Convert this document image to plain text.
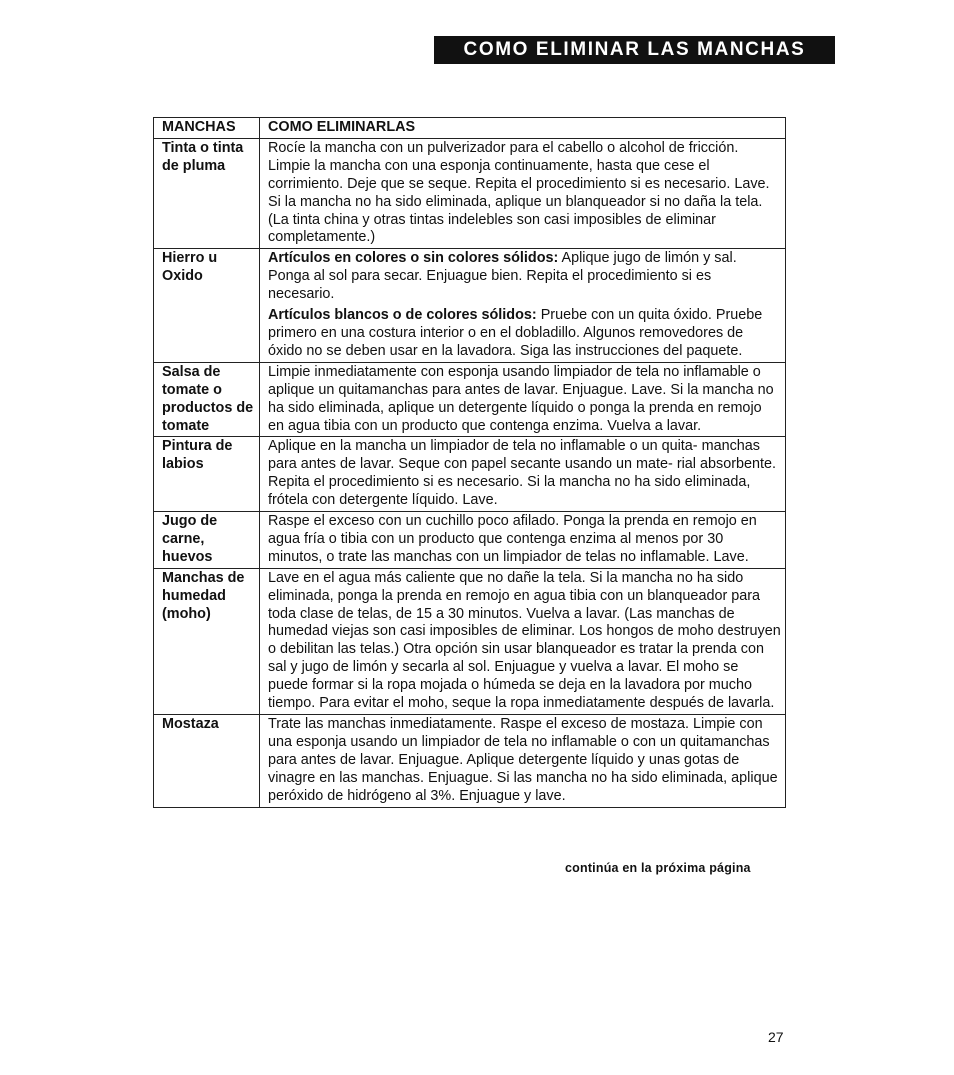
COMO ELIMINAR LAS MANCHAS
MANCHAS	COMO ELIMINARLAS
Tinta o tinta de pluma	Rocíe la mancha con un pulverizador para el cabello o alcohol de fricción. Limpie la mancha con una esponja continuamente, hasta que cese el corrimiento. Deje que se seque. Repita el procedimiento si es necesario. Lave. Si la mancha no ha sido eliminada, aplique un blanqueador si no daña la tela. (La tinta china y otras tintas indelebles son casi imposibles de eliminar completamente.)

Hierro u Oxido	Artículos en colores o sin colores sólidos: Aplique jugo de limón y sal. Ponga al sol para secar. Enjuague bien. Repita el procedimiento si es necesario.

Artículos blancos o de colores sólidos: Pruebe con un quita óxido. Pruebe primero en una costura interior o en el dobladillo. Algunos removedores de óxido no se deben usar en la lavadora. Siga las instrucciones del paquete.

Salsa de tomate o productos de tomate	Limpie inmediatamente con esponja usando limpiador de tela no inflamable o aplique un quitamanchas para antes de lavar. Enjuague. Lave. Si la mancha no ha sido eliminada, aplique un detergente líquido o ponga la prenda en remojo en agua tibia con un producto que contenga enzima. Vuelva a lavar.

Pintura de labios	Aplique en la mancha un limpiador de tela no inflamable o un quita- manchas para antes de lavar. Seque con papel secante usando un mate- rial absorbente. Repita el procedimiento si es necesario. Si la mancha no ha sido eliminada, frótela con detergente líquido. Lave.

Jugo de carne, huevos	Raspe el exceso con un cuchillo poco afilado. Ponga la prenda en remojo en agua fría o tibia con un producto que contenga enzima al menos por 30 minutos, o trate las manchas con un limpiador de telas no inflamable. Lave.

Manchas de humedad (moho)	Lave en el agua más caliente que no dañe la tela. Si la mancha no ha sido eliminada, ponga la prenda en remojo en agua tibia con un blanqueador para toda clase de telas, de 15 a 30 minutos. Vuelva a lavar. (Las manchas de humedad viejas son casi imposibles de eliminar. Los hongos de moho destruyen o debilitan las telas.) Otra opción sin usar blanqueador es tratar la prenda con sal y jugo de limón y secarla al sol. Enjuague y vuelva a lavar. El moho se puede formar si la ropa mojada o húmeda se deja en la lavadora por mucho tiempo. Para evitar el moho, seque la ropa inmediatamente después de lavarla.

Mostaza	Trate las manchas inmediatamente. Raspe el exceso de mostaza. Limpie con una esponja usando un limpiador de tela no inflamable o con un quitamanchas para antes de lavar. Enjuague. Aplique detergente líquido y unas gotas de vinagre en las manchas. Enjuague. Si las mancha no ha sido eliminada, aplique peróxido de hidrógeno al 3%. Enjuague y lave.

continúa en la próxima página
27
